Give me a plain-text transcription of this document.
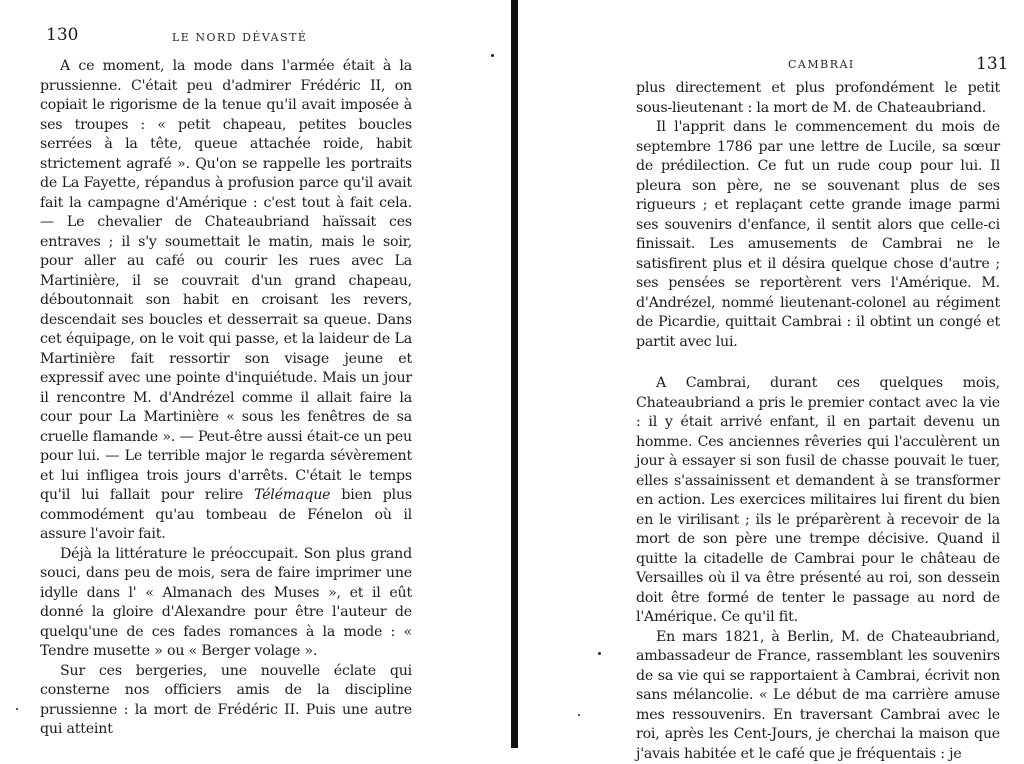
130	LE NORD DÉVASTÉ

A ce moment, la mode dans l'armée était à la prussienne. C'était peu d'admirer Frédéric II, on copiait le rigorisme de la tenue qu'il avait imposée à ses troupes : « petit chapeau, petites boucles serrées à la tête, queue attachée roide, habit strictement agrafé ». Qu'on se rappelle les portraits de La Fayette, répandus à profusion parce qu'il avait fait la campagne d'Amérique : c'est tout à fait cela. — Le chevalier de Chateaubriand haïssait ces entraves ; il s'y soumettait le matin, mais le soir, pour aller au café ou courir les rues avec La Martinière, il se couvrait d'un grand chapeau, déboutonnait son habit en croisant les revers, descendait ses boucles et desserrait sa queue. Dans cet équipage, on le voit qui passe, et la laideur de La Martinière fait ressortir son visage jeune et expressif avec une pointe d'inquiétude. Mais un jour il rencontre M. d'Andrézel comme il allait faire la cour pour La Martinière « sous les fenêtres de sa cruelle flamande ». — Peut-être aussi était-ce un peu pour lui. — Le terrible major le regarda sévèrement et lui infligea trois jours d'arrêts. C'était le temps qu'il lui fallait pour relire Télémaque bien plus commodément qu'au tombeau de Fénelon où il assure l'avoir fait.

Déjà la littérature le préoccupait. Son plus grand souci, dans peu de mois, sera de faire imprimer une idylle dans l' « Almanach des Muses », et il eût donné la gloire d'Alexandre pour être l'auteur de quelqu'une de ces fades romances à la mode : « Tendre musette » ou « Berger volage ».

Sur ces bergeries, une nouvelle éclate qui consterne nos officiers amis de la discipline prussienne : la mort de Frédéric II. Puis une autre qui atteint

CAMBRAI	131

plus directement et plus profondément le petit sous-lieutenant : la mort de M. de Chateaubriand.

Il l'apprit dans le commencement du mois de septembre 1786 par une lettre de Lucile, sa sœur de prédilection. Ce fut un rude coup pour lui. Il pleura son père, ne se souvenant plus de ses rigueurs ; et replaçant cette grande image parmi ses souvenirs d'enfance, il sentit alors que celle-ci finissait. Les amusements de Cambrai ne le satisfirent plus et il désira quelque chose d'autre ; ses pensées se reportèrent vers l'Amérique. M. d'Andrézel, nommé lieutenant-colonel au régiment de Picardie, quittait Cambrai : il obtint un congé et partit avec lui.

A Cambrai, durant ces quelques mois, Chateaubriand a pris le premier contact avec la vie : il y était arrivé enfant, il en partait devenu un homme. Ces anciennes rêveries qui l'acculèrent un jour à essayer si son fusil de chasse pouvait le tuer, elles s'assainissent et demandent à se transformer en action. Les exercices militaires lui firent du bien en le virilisant ; ils le préparèrent à recevoir de la mort de son père une trempe décisive. Quand il quitte la citadelle de Cambrai pour le château de Versailles où il va être présenté au roi, son dessein doit être formé de tenter le passage au nord de l'Amérique. Ce qu'il fit.

En mars 1821, à Berlin, M. de Chateaubriand, ambassadeur de France, rassemblant les souvenirs de sa vie qui se rapportaient à Cambrai, écrivit non sans mélancolie. « Le début de ma carrière amuse mes ressouvenirs. En traversant Cambrai avec le roi, après les Cent-Jours, je cherchai la maison que j'avais habitée et le café que je fréquentais : je
